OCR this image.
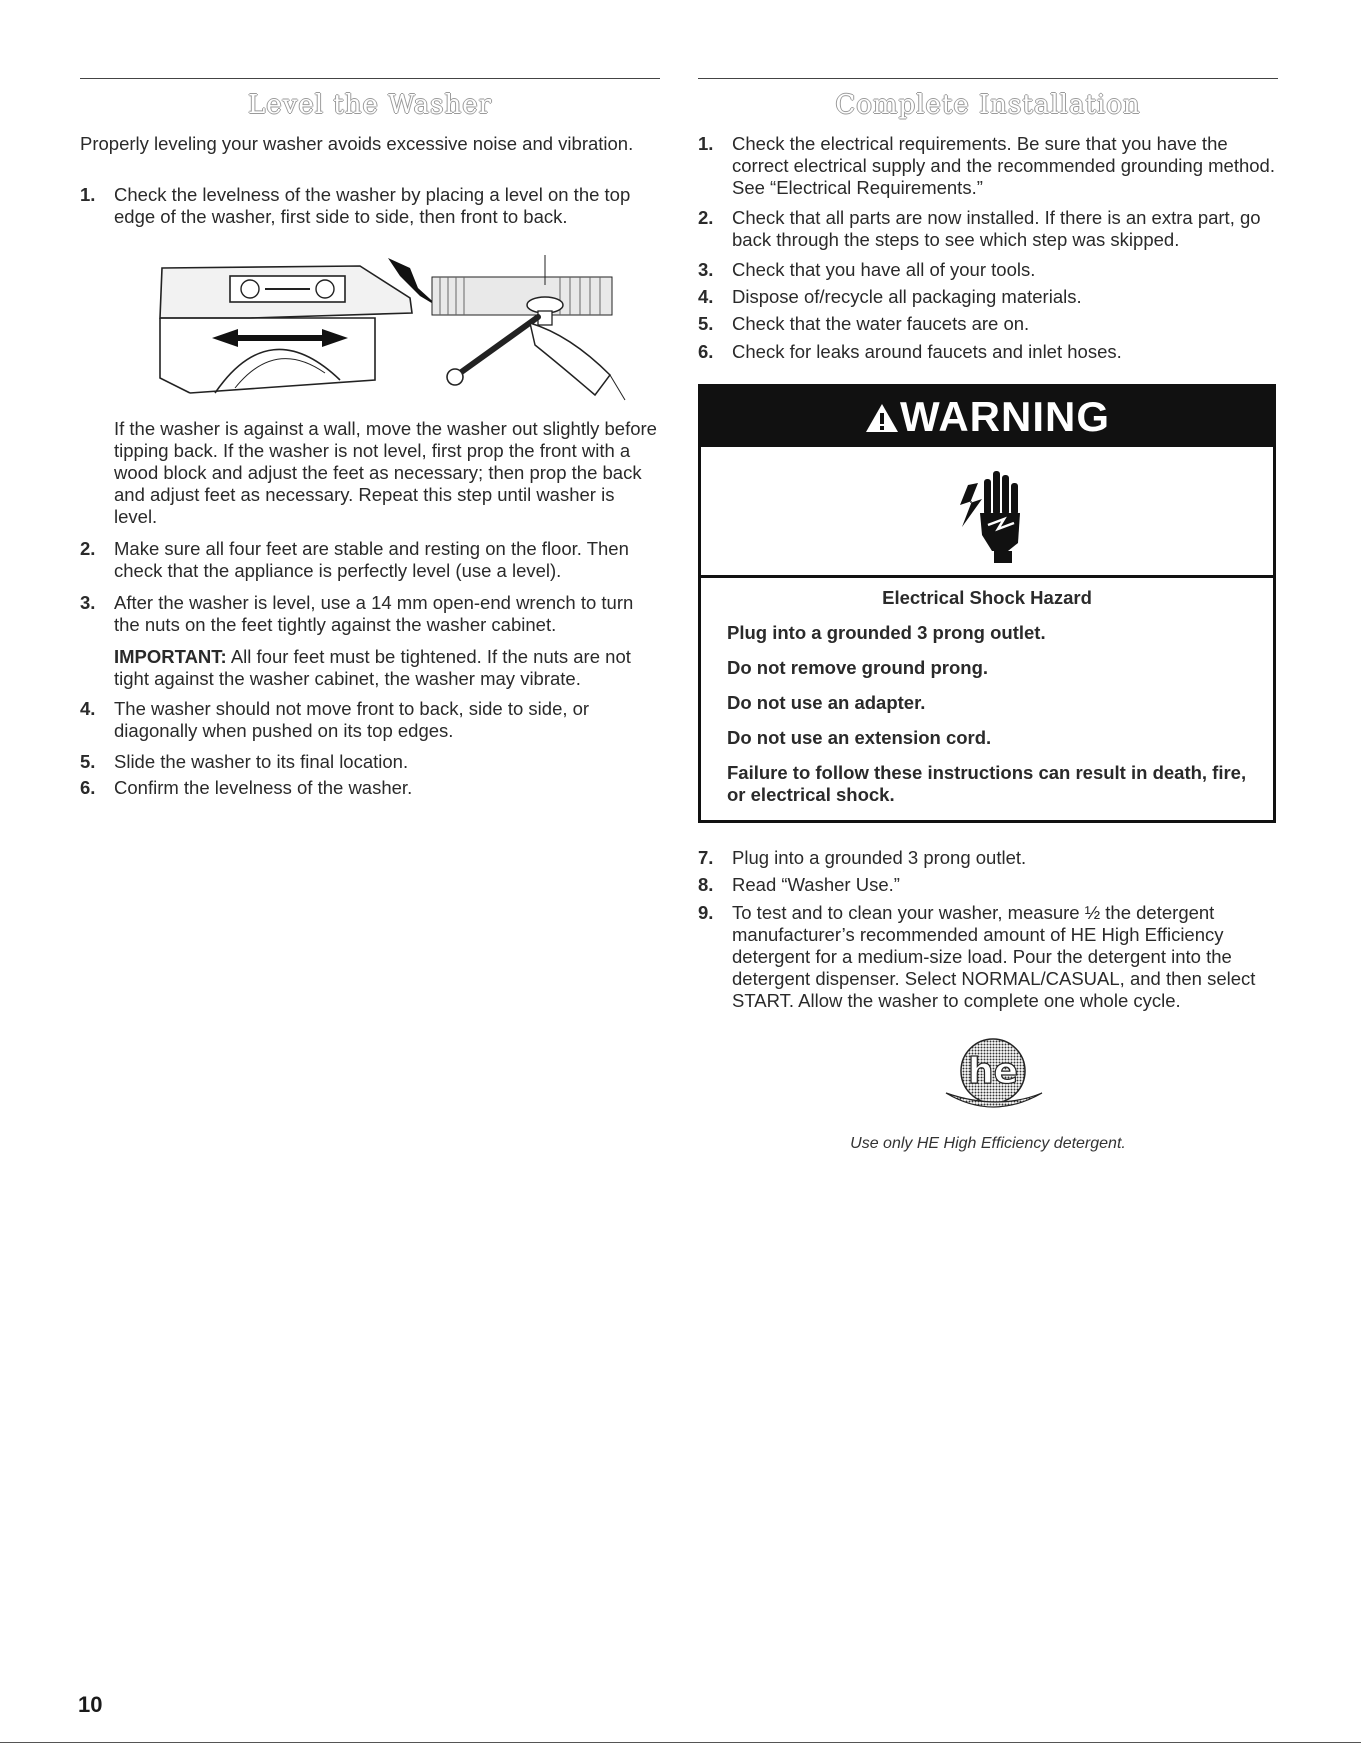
Level the Washer
Properly leveling your washer avoids excessive noise and vibration.
1. Check the levelness of the washer by placing a level on the top edge of the washer, first side to side, then front to back.
If the washer is against a wall, move the washer out slightly before tipping back. If the washer is not level, first prop the front with a wood block and adjust the feet as necessary; then prop the back and adjust feet as necessary. Repeat this step until washer is level.
2. Make sure all four feet are stable and resting on the floor. Then check that the appliance is perfectly level (use a level).
3. After the washer is level, use a 14 mm open-end wrench to turn the nuts on the feet tightly against the washer cabinet.
IMPORTANT: All four feet must be tightened. If the nuts are not tight against the washer cabinet, the washer may vibrate.
4. The washer should not move front to back, side to side, or diagonally when pushed on its top edges.
5. Slide the washer to its final location.
6. Confirm the levelness of the washer.
Complete Installation
1. Check the electrical requirements. Be sure that you have the correct electrical supply and the recommended grounding method. See “Electrical Requirements.”
2. Check that all parts are now installed. If there is an extra part, go back through the steps to see which step was skipped.
3. Check that you have all of your tools.
4. Dispose of/recycle all packaging materials.
5. Check that the water faucets are on.
6. Check for leaks around faucets and inlet hoses.
7. Plug into a grounded 3 prong outlet.
8. Read “Washer Use.”
9. To test and to clean your washer, measure ½ the detergent manufacturer’s recommended amount of HE High Efficiency detergent for a medium-size load. Pour the detergent into the detergent dispenser. Select NORMAL/CASUAL, and then select START. Allow the washer to complete one whole cycle.
WARNING
Electrical Shock Hazard
Plug into a grounded 3 prong outlet.
Do not remove ground prong.
Do not use an adapter.
Do not use an extension cord.
Failure to follow these instructions can result in death, fire, or electrical shock.
he
Use only HE High Efficiency detergent.
10
